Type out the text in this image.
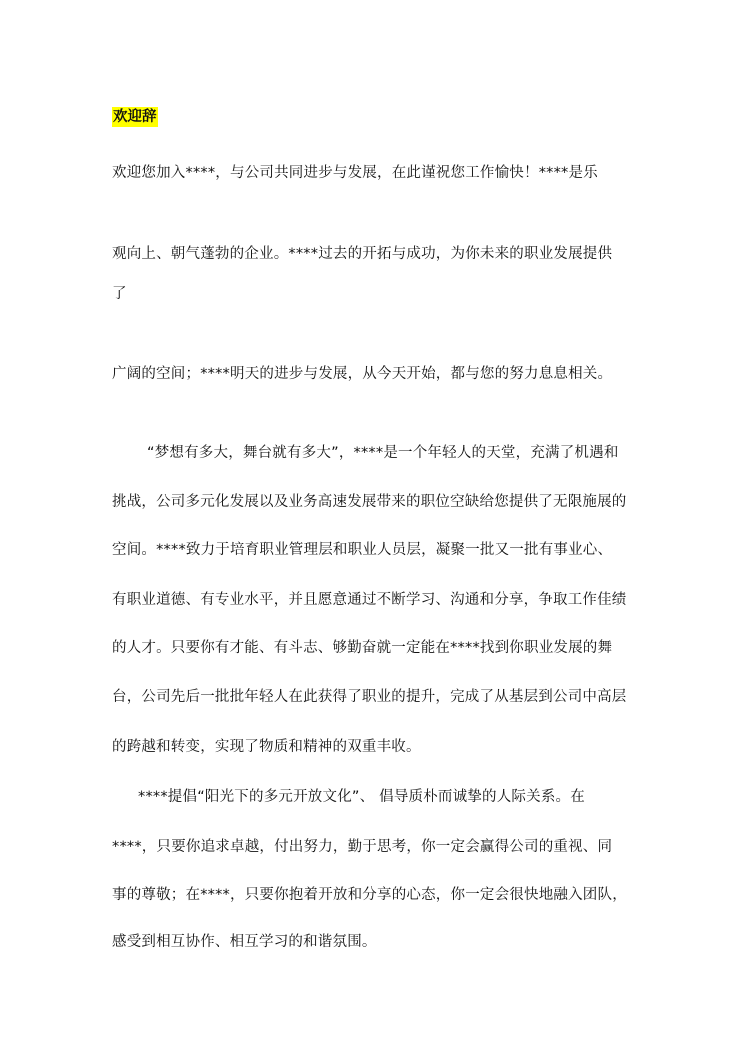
欢迎辞
欢迎您加入****，与公司共同进步与发展，在此谨祝您工作愉快！****是乐
观向上、朝气蓬勃的企业。****过去的开拓与成功，为你未来的职业发展提供
了
广阔的空间；****明天的进步与发展，从今天开始，都与您的努力息息相关。
“梦想有多大，舞台就有多大”，****是一个年轻人的天堂，充满了机遇和
挑战，公司多元化发展以及业务高速发展带来的职位空缺给您提供了无限施展的
空间。****致力于培育职业管理层和职业人员层，凝聚一批又一批有事业心、
有职业道德、有专业水平，并且愿意通过不断学习、沟通和分享，争取工作佳绩
的人才。只要你有才能、有斗志、够勤奋就一定能在****找到你职业发展的舞
台，公司先后一批批年轻人在此获得了职业的提升，完成了从基层到公司中高层
的跨越和转变，实现了物质和精神的双重丰收。
****提倡“阳光下的多元开放文化”、 倡导质朴而诚挚的人际关系。在
****，只要你追求卓越，付出努力，勤于思考，你一定会赢得公司的重视、同
事的尊敬；在****，只要你抱着开放和分享的心态，你一定会很快地融入团队，
感受到相互协作、相互学习的和谐氛围。
